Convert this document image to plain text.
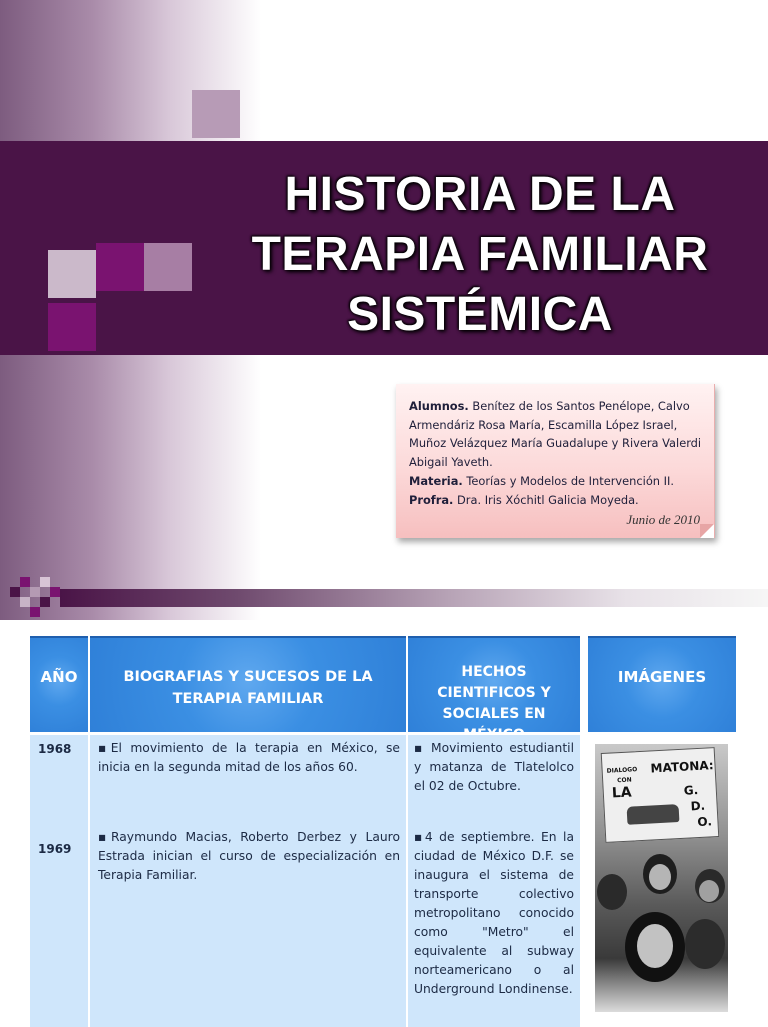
HISTORIA DE LA
TERAPIA FAMILIAR
SISTÉMICA
Alumnos. Benítez de los Santos Penélope, Calvo Armendáriz Rosa María, Escamilla López Israel, Muñoz Velázquez María Guadalupe y Rivera Valerdi Abigail Yaveth.
Materia. Teorías y Modelos de Intervención II.
Profra. Dra. Iris Xóchitl Galicia Moyeda.
Junio de 2010
AÑO	BIOGRAFIAS Y SUCESOS DE LA TERAPIA FAMILIAR
HECHOS CIENTIFICOS Y SOCIALES EN
IMÁGENES
1968
1969
▪El movimiento de la terapia en México, se inicia en la segunda mitad de los años 60.
▪Raymundo Macias, Roberto Derbez y Lauro Estrada inician el curso de especialización en Terapia Familiar.
▪ Movimiento estudiantil y matanza de Tlatelolco el 02 de Octubre.
▪4 de septiembre. En la ciudad de México D.F. se inaugura el sistema de transporte colectivo metropolitano conocido como "Metro" el equivalente al subway norteamericano o al Underground Londinense.
DIALOGO
CON
LA
MATONA:
G.
D.
O.
